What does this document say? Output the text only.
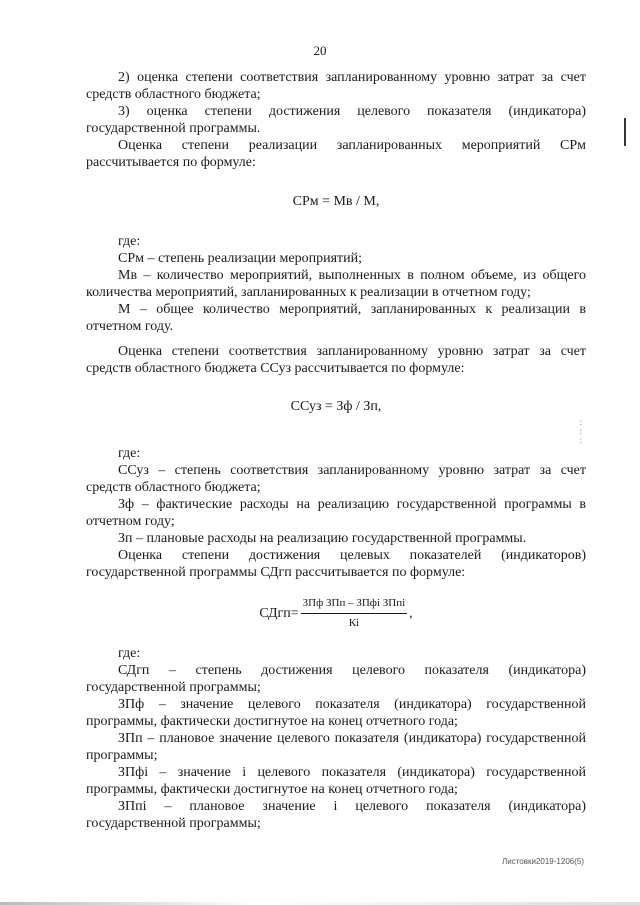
20
:
:
:

2) оценка степени соответствия запланированному уровню затрат за счет средств областного бюджета;

3) оценка степени достижения целевого показателя (индикатора) государственной программы.

Оценка степени реализации запланированных мероприятий СРм рассчитывается по формуле:

СРм = Мв / М,

где:

СРм – степень реализации мероприятий;

Мв – количество мероприятий, выполненных в полном объеме, из общего количества мероприятий, запланированных к реализации в отчетном году;

М – общее количество мероприятий, запланированных к реализации в отчетном году.

Оценка степени соответствия запланированному уровню затрат за счет средств областного бюджета ССуз рассчитывается по формуле:

ССуз = Зф / Зп,

где:

ССуз – степень соответствия запланированному уровню затрат за счет средств областного бюджета;

Зф – фактические расходы на реализацию государственной программы в отчетном году;

Зп – плановые расходы на реализацию государственной программы.

Оценка степени достижения целевых показателей (индикаторов) государственной программы СДгп рассчитывается по формуле:

СДгп= $\frac{\text{ЗПф ЗПп – ЗПфi ЗПпi}}{Кi}$ ,

где:

СДгп – степень достижения целевого показателя (индикатора) государственной программы;

ЗПф – значение целевого показателя (индикатора) государственной программы, фактически достигнутое на конец отчетного года;

ЗПп – плановое значение целевого показателя (индикатора) государственной программы;

ЗПфi – значение i целевого показателя (индикатора) государственной программы, фактически достигнутое на конец отчетного года;

ЗПпi – плановое значение i целевого показателя (индикатора) государственной программы;

Листовки2019-1206(5)
